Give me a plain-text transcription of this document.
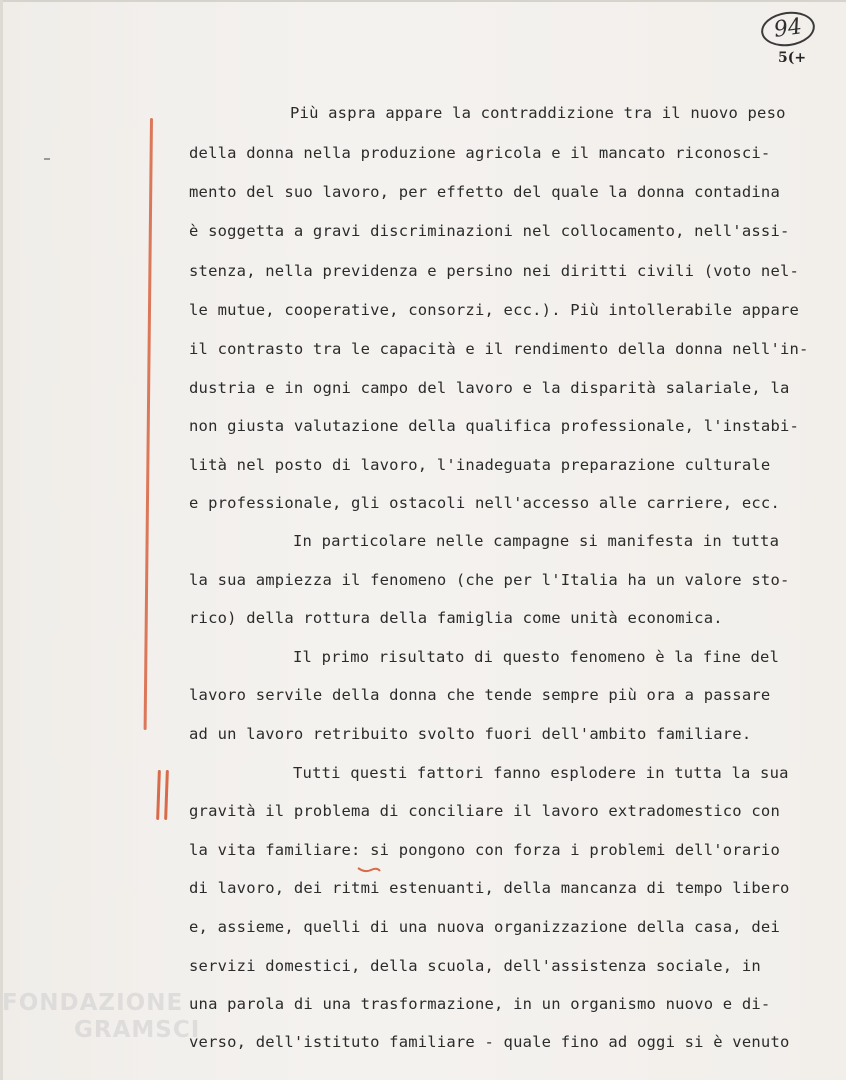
94
5(+
Più aspra appare la contraddizione tra il nuovo peso
della donna nella produzione agricola e il mancato riconosci-
mento del suo lavoro, per effetto del quale la donna contadina
è soggetta a gravi discriminazioni nel collocamento, nell'assi-
stenza, nella previdenza e persino nei diritti civili (voto nel-
le mutue, cooperative, consorzi, ecc.). Più intollerabile appare
il contrasto tra le capacità e il rendimento della donna nell'in-
dustria e in ogni campo del lavoro e la disparità salariale, la
non giusta valutazione della qualifica professionale, l'instabi-
lità nel posto di lavoro, l'inadeguata preparazione culturale
e professionale, gli ostacoli nell'accesso alle carriere, ecc.
In particolare nelle campagne si manifesta in tutta
la sua ampiezza il fenomeno (che per l'Italia ha un valore sto-
rico) della rottura della famiglia come unità economica.
Il primo risultato di questo fenomeno è la fine del
lavoro servile della donna che tende sempre più ora a passare
ad un lavoro retribuito svolto fuori dell'ambito familiare.
Tutti questi fattori fanno esplodere in tutta la sua
gravità il problema di conciliare il lavoro extradomestico con
la vita familiare: si pongono con forza i problemi dell'orario
di lavoro, dei ritmi estenuanti, della mancanza di tempo libero
e, assieme, quelli di una nuova organizzazione della casa, dei
servizi domestici, della scuola, dell'assistenza sociale, in
una parola di una trasformazione, in un organismo nuovo e di-
verso, dell'istituto familiare - quale fino ad oggi si è venuto
FONDAZIONE
GRAMSCI
